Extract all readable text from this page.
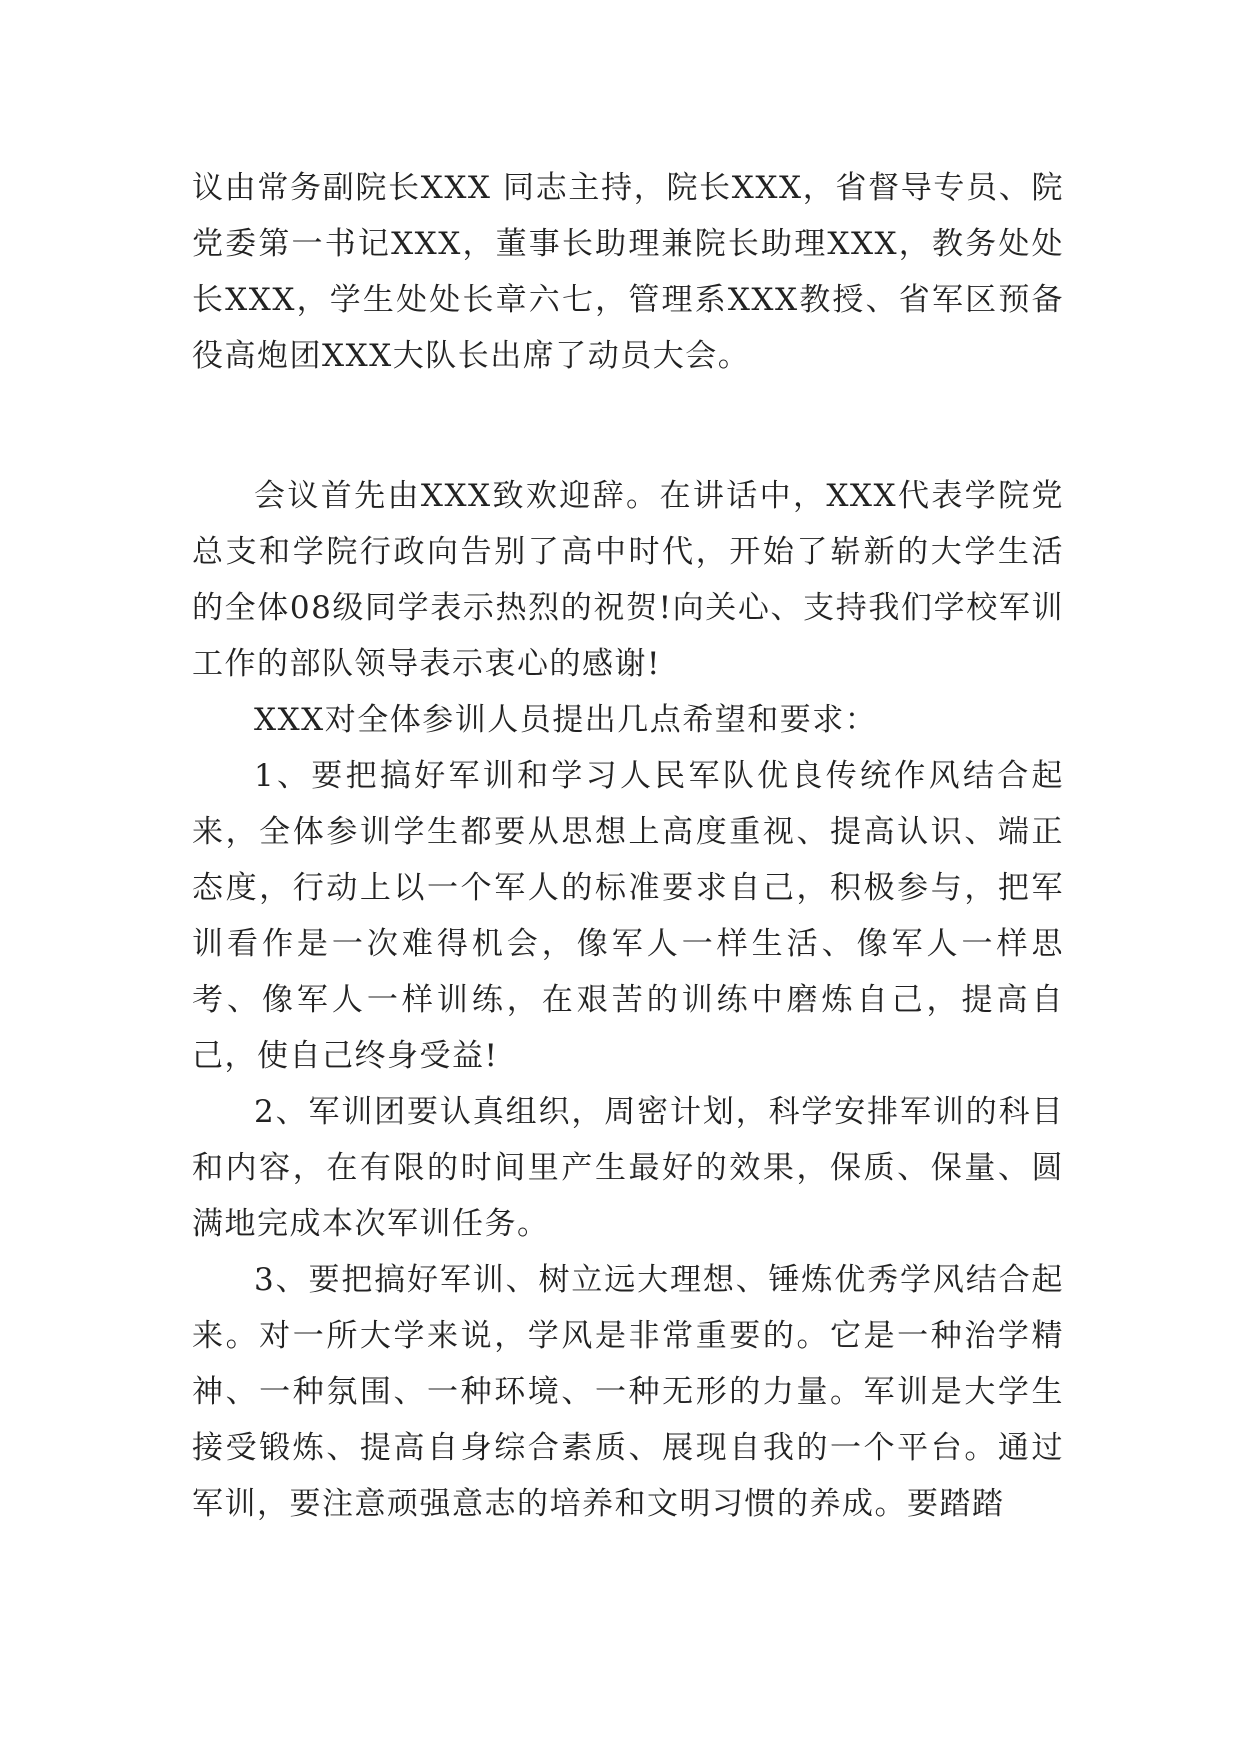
议由常务副院长XXX 同志主持，院长XXX，省督导专员、院党委第一书记XXX，董事长助理兼院长助理XXX，教务处处长XXX，学生处处长章六七，管理系XXX教授、省军区预备役高炮团XXX大队长出席了动员大会。

会议首先由XXX致欢迎辞。在讲话中，XXX代表学院党总支和学院行政向告别了高中时代，开始了崭新的大学生活的全体08级同学表示热烈的祝贺!向关心、支持我们学校军训工作的部队领导表示衷心的感谢!

XXX对全体参训人员提出几点希望和要求：

1、要把搞好军训和学习人民军队优良传统作风结合起来，全体参训学生都要从思想上高度重视、提高认识、端正态度，行动上以一个军人的标准要求自己，积极参与，把军训看作是一次难得机会，像军人一样生活、像军人一样思考、像军人一样训练，在艰苦的训练中磨炼自己，提高自己，使自己终身受益!

2、军训团要认真组织，周密计划，科学安排军训的科目和内容，在有限的时间里产生最好的效果，保质、保量、圆满地完成本次军训任务。

3、要把搞好军训、树立远大理想、锤炼优秀学风结合起来。对一所大学来说，学风是非常重要的。它是一种治学精神、一种氛围、一种环境、一种无形的力量。军训是大学生接受锻炼、提高自身综合素质、展现自我的一个平台。通过军训，要注意顽强意志的培养和文明习惯的养成。要踏踏
